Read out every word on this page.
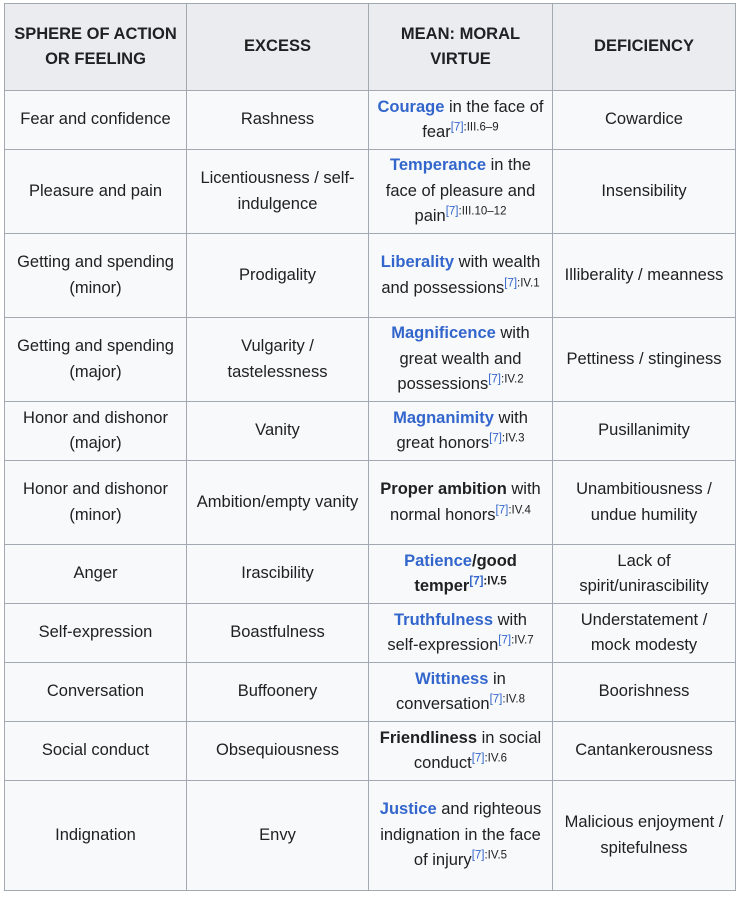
SPHERE OF ACTION OR FEELING	EXCESS	MEAN: MORAL VIRTUE	DEFICIENCY
Fear and confidence	Rashness	Courage in the face of fear$^{[7]:III.6-9}$	Cowardice
Pleasure and pain	Licentiousness / self-indulgence	Temperance in the face of pleasure and pain$^{[7]:III.10-12}$	Insensibility
Getting and spending (minor)	Prodigality	Liberality with wealth and possessions$^{[7]:IV.1}$	Illiberality / meanness
Getting and spending (major)	Vulgarity / tastelessness	Magnificence with great wealth and possessions$^{[7]:IV.2}$	Pettiness / stinginess
Honor and dishonor (major)	Vanity	Magnanimity with great honors$^{[7]:IV.3}$	Pusillanimity
Honor and dishonor (minor)	Ambition/empty vanity	Proper ambition with normal honors$^{[7]:IV.4}$	Unambitiousness / undue humility
Anger	Irascibility	Patience/good temper$^{[7]:IV.5}$	Lack of spirit/unirascibility
Self-expression	Boastfulness	Truthfulness with self-expression$^{[7]:IV.7}$	Understatement / mock modesty
Conversation	Buffoonery	Wittiness in conversation$^{[7]:IV.8}$	Boorishness
Social conduct	Obsequiousness	Friendliness in social conduct$^{[7]:IV.6}$	Cantankerousness
Indignation	Envy	Justice and righteous indignation in the face of injury$^{[7]:IV.5}$	Malicious enjoyment / spitefulness
